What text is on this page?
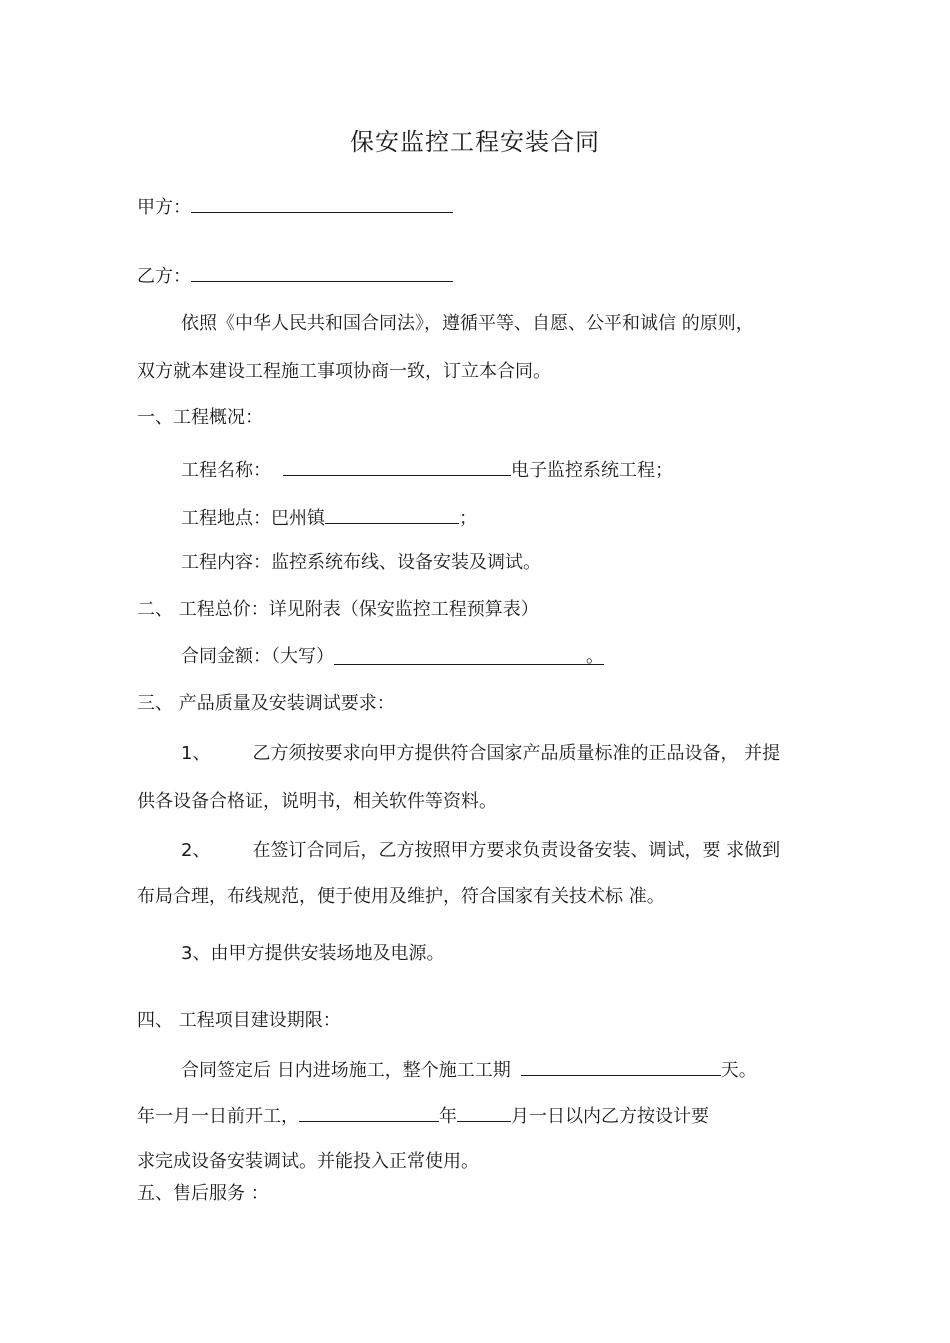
保安监控工程安装合同
甲方：
乙方：
依照《中华人民共和国合同法》，遵循平等、自愿、公平和诚信 的原则，
双方就本建设工程施工事项协商一致，订立本合同。
一、工程概况：
工程名称：	电子监控系统工程；
工程地点：巴州镇	；
工程内容：监控系统布线、设备安装及调试。
二、 工程总价：详见附表（保安监控工程预算表）
合同金额：（大写）	。
三、 产品质量及安装调试要求：
1、 乙方须按要求向甲方提供符合国家产品质量标准的正品设备， 并提
供各设备合格证，说明书，相关软件等资料。
2、 在签订合同后，乙方按照甲方要求负责设备安装、调试，要 求做到
布局合理，布线规范，便于使用及维护，符合国家有关技术标 准。
3、由甲方提供安装场地及电源。
四、 工程项目建设期限：
合同签定后 日内进场施工，整个施工工期	天。
年一月一日前开工，	年	月一日以内乙方按设计要
求完成设备安装调试。并能投入正常使用。
五、售后服务 ：
